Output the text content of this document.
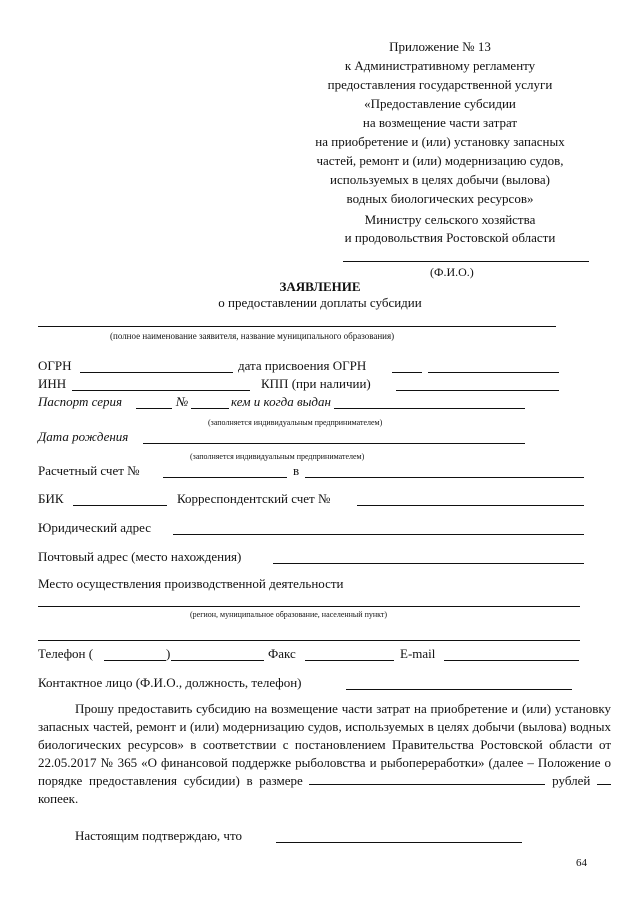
Приложение № 13
к Административному регламенту
предоставления государственной услуги
«Предоставление субсидии
на возмещение части затрат
на приобретение и (или) установку запасных
частей, ремонт и (или) модернизацию судов,
используемых в целях добычи (вылова)
водных биологических ресурсов»
Министру сельского хозяйства
и продовольствия Ростовской области
(Ф.И.О.)
ЗАЯВЛЕНИЕ
о предоставлении доплаты субсидии
(полное наименование заявителя, название муниципального образования)
ОГРН	дата присвоения ОГРН
ИНН	КПП (при наличии)
Паспорт серия	№	кем и когда выдан
(заполняется индивидуальным предпринимателем)
Дата рождения
(заполняется индивидуальным предпринимателем)
Расчетный счет №	в
БИК	Корреспондентский счет №
Юридический адрес
Почтовый адрес (место нахождения)
Место осуществления производственной деятельности
(регион, муниципальное образование, населенный пункт)
Телефон (	)	Факс	E-mail
Контактное лицо (Ф.И.О., должность, телефон)
Прошу предоставить субсидию на возмещение части затрат на приобретение и (или) установку запасных частей, ремонт и (или) модернизацию судов, используемых в целях добычи (вылова) водных биологических ресурсов» в соответствии с постановлением Правительства Ростовской области от 22.05.2017 № 365 «О финансовой поддержке рыболовства и рыбопереработки» (далее – Положение о порядке предоставления субсидии) в размере	рублей  копеек.
Настоящим подтверждаю, что
64
